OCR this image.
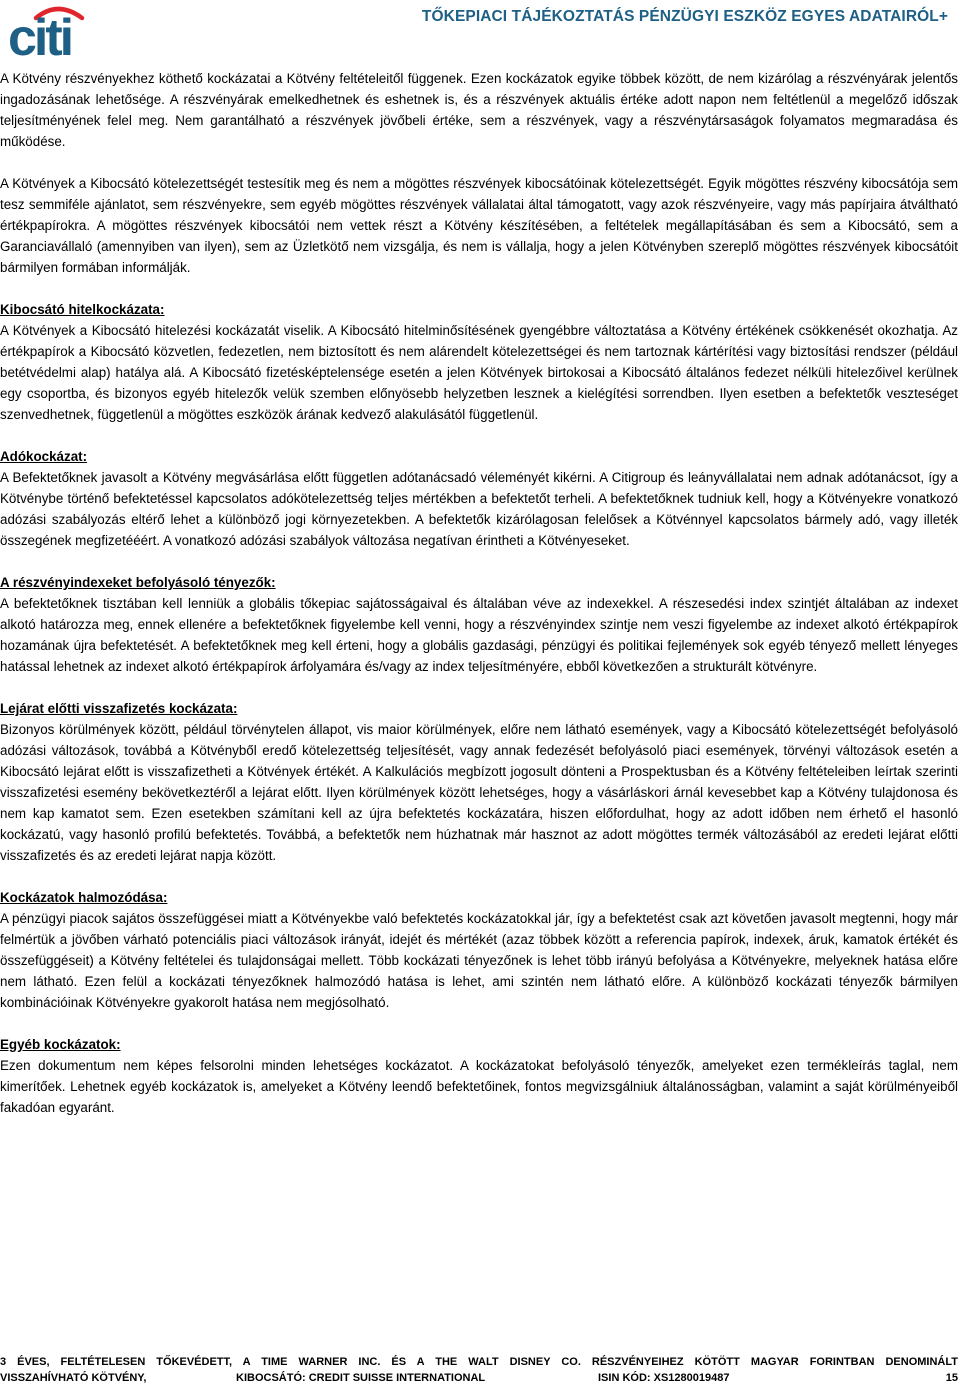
citi	TŐKEPIACI TÁJÉKOZTATÁS PÉNZÜGYI ESZKÖZ EGYES ADATAIRÓL+

A Kötvény részvényekhez köthető kockázatai a Kötvény feltételeitől függenek. Ezen kockázatok egyike többek között, de nem kizárólag a részvényárak jelentős ingadozásának lehetősége. A részvényárak emelkedhetnek és eshetnek is, és a részvények aktuális értéke adott napon nem feltétlenül a megelőző időszak teljesítményének felel meg. Nem garantálható a részvények jövőbeli értéke, sem a részvények, vagy a részvénytársaságok folyamatos megmaradása és működése.

A Kötvények a Kibocsátó kötelezettségét testesítik meg és nem a mögöttes részvények kibocsátóinak kötelezettségét. Egyik mögöttes részvény kibocsátója sem tesz semmiféle ajánlatot, sem részvényekre, sem egyéb mögöttes részvények vállalatai által támogatott, vagy azok részvényeire, vagy más papírjaira átváltható értékpapírokra. A mögöttes részvények kibocsátói nem vettek részt a Kötvény készítésében, a feltételek megállapításában és sem a Kibocsátó, sem a Garanciavállaló (amennyiben van ilyen), sem az Üzletkötő nem vizsgálja, és nem is vállalja, hogy a jelen Kötvényben szereplő mögöttes részvények kibocsátóit bármilyen formában informálják.

Kibocsátó hitelkockázata:

A Kötvények a Kibocsátó hitelezési kockázatát viselik. A Kibocsátó hitelminősítésének gyengébbre változtatása a Kötvény értékének csökkenését okozhatja. Az értékpapírok a Kibocsátó közvetlen, fedezetlen, nem biztosított és nem alárendelt kötelezettségei és nem tartoznak kártérítési vagy biztosítási rendszer (például betétvédelmi alap) hatálya alá. A Kibocsátó fizetésképtelensége esetén a jelen Kötvények birtokosai a Kibocsátó általános fedezet nélküli hitelezőivel kerülnek egy csoportba, és bizonyos egyéb hitelezők velük szemben előnyösebb helyzetben lesznek a kielégítési sorrendben. Ilyen esetben a befektetők veszteséget szenvedhetnek, függetlenül a mögöttes eszközök árának kedvező alakulásától függetlenül.

Adókockázat:

A Befektetőknek javasolt a Kötvény megvásárlása előtt független adótanácsadó véleményét kikérni. A Citigroup és leányvállalatai nem adnak adótanácsot, így a Kötvénybe történő befektetéssel kapcsolatos adókötelezettség teljes mértékben a befektetőt terheli. A befektetőknek tudniuk kell, hogy a Kötvényekre vonatkozó adózási szabályozás eltérő lehet a különböző jogi környezetekben. A befektetők kizárólagosan felelősek a Kötvénnyel kapcsolatos bármely adó, vagy illeték összegének megfizetééért. A vonatkozó adózási szabályok változása negatívan érintheti a Kötvényeseket.

A részvényindexeket befolyásoló tényezők:

A befektetőknek tisztában kell lenniük a globális tőkepiac sajátosságaival és általában véve az indexekkel. A részesedési index szintjét általában az indexet alkotó határozza meg, ennek ellenére a befektetőknek figyelembe kell venni, hogy a részvényindex szintje nem veszi figyelembe az indexet alkotó értékpapírok hozamának újra befektetését. A befektetőknek meg kell érteni, hogy a globális gazdasági, pénzügyi és politikai fejlemények sok egyéb tényező mellett lényeges hatással lehetnek az indexet alkotó értékpapírok árfolyamára és/vagy az index teljesítményére, ebből következően a strukturált kötvényre.

Lejárat előtti visszafizetés kockázata:

Bizonyos körülmények között, például törvénytelen állapot, vis maior körülmények, előre nem látható események, vagy a Kibocsátó kötelezettségét befolyásoló adózási változások, továbbá a Kötvényből eredő kötelezettség teljesítését, vagy annak fedezését befolyásoló piaci események, törvényi változások esetén a Kibocsátó lejárat előtt is visszafizetheti a Kötvények értékét. A Kalkulációs megbízott jogosult dönteni a Prospektusban és a Kötvény feltételeiben leírtak szerinti visszafizetési esemény bekövetkeztéről a lejárat előtt. Ilyen körülmények között lehetséges, hogy a vásárláskori árnál kevesebbet kap a Kötvény tulajdonosa és nem kap kamatot sem. Ezen esetekben számítani kell az újra befektetés kockázatára, hiszen előfordulhat, hogy az adott időben nem érhető el hasonló kockázatú, vagy hasonló profilú befektetés. Továbbá, a befektetők nem húzhatnak már hasznot az adott mögöttes termék változásából az eredeti lejárat előtti visszafizetés és az eredeti lejárat napja között.

Kockázatok halmozódása:

A pénzügyi piacok sajátos összefüggései miatt a Kötvényekbe való befektetés kockázatokkal jár, így a befektetést csak azt követően javasolt megtenni, hogy már felmértük a jövőben várható potenciális piaci változások irányát, idejét és mértékét (azaz többek között a referencia papírok, indexek, áruk, kamatok értékét és összefüggéseit) a Kötvény feltételei és tulajdonságai mellett. Több kockázati tényezőnek is lehet több irányú befolyása a Kötvényekre, melyeknek hatása előre nem látható. Ezen felül a kockázati tényezőknek halmozódó hatása is lehet, ami szintén nem látható előre. A különböző kockázati tényezők bármilyen kombinációinak Kötvényekre gyakorolt hatása nem megjósolható.

Egyéb kockázatok:

Ezen dokumentum nem képes felsorolni minden lehetséges kockázatot. A kockázatokat befolyásoló tényezők, amelyeket ezen termékleírás taglal, nem kimerítőek. Lehetnek egyéb kockázatok is, amelyeket a Kötvény leendő befektetőinek, fontos megvizsgálniuk általánosságban, valamint a saját körülményeiből fakadóan egyaránt.

3 ÉVES, FELTÉTELESEN TŐKEVÉDETT, A TIME WARNER INC. ÉS A THE WALT DISNEY CO. RÉSZVÉNYEIHEZ KÖTÖTT MAGYAR FORINTBAN DENOMINÁLT
VISSZAHÍVHATÓ KÖTVÉNY,	KIBOCSÁTÓ: CREDIT SUISSE INTERNATIONAL	ISIN KÓD: XS1280019487	15
